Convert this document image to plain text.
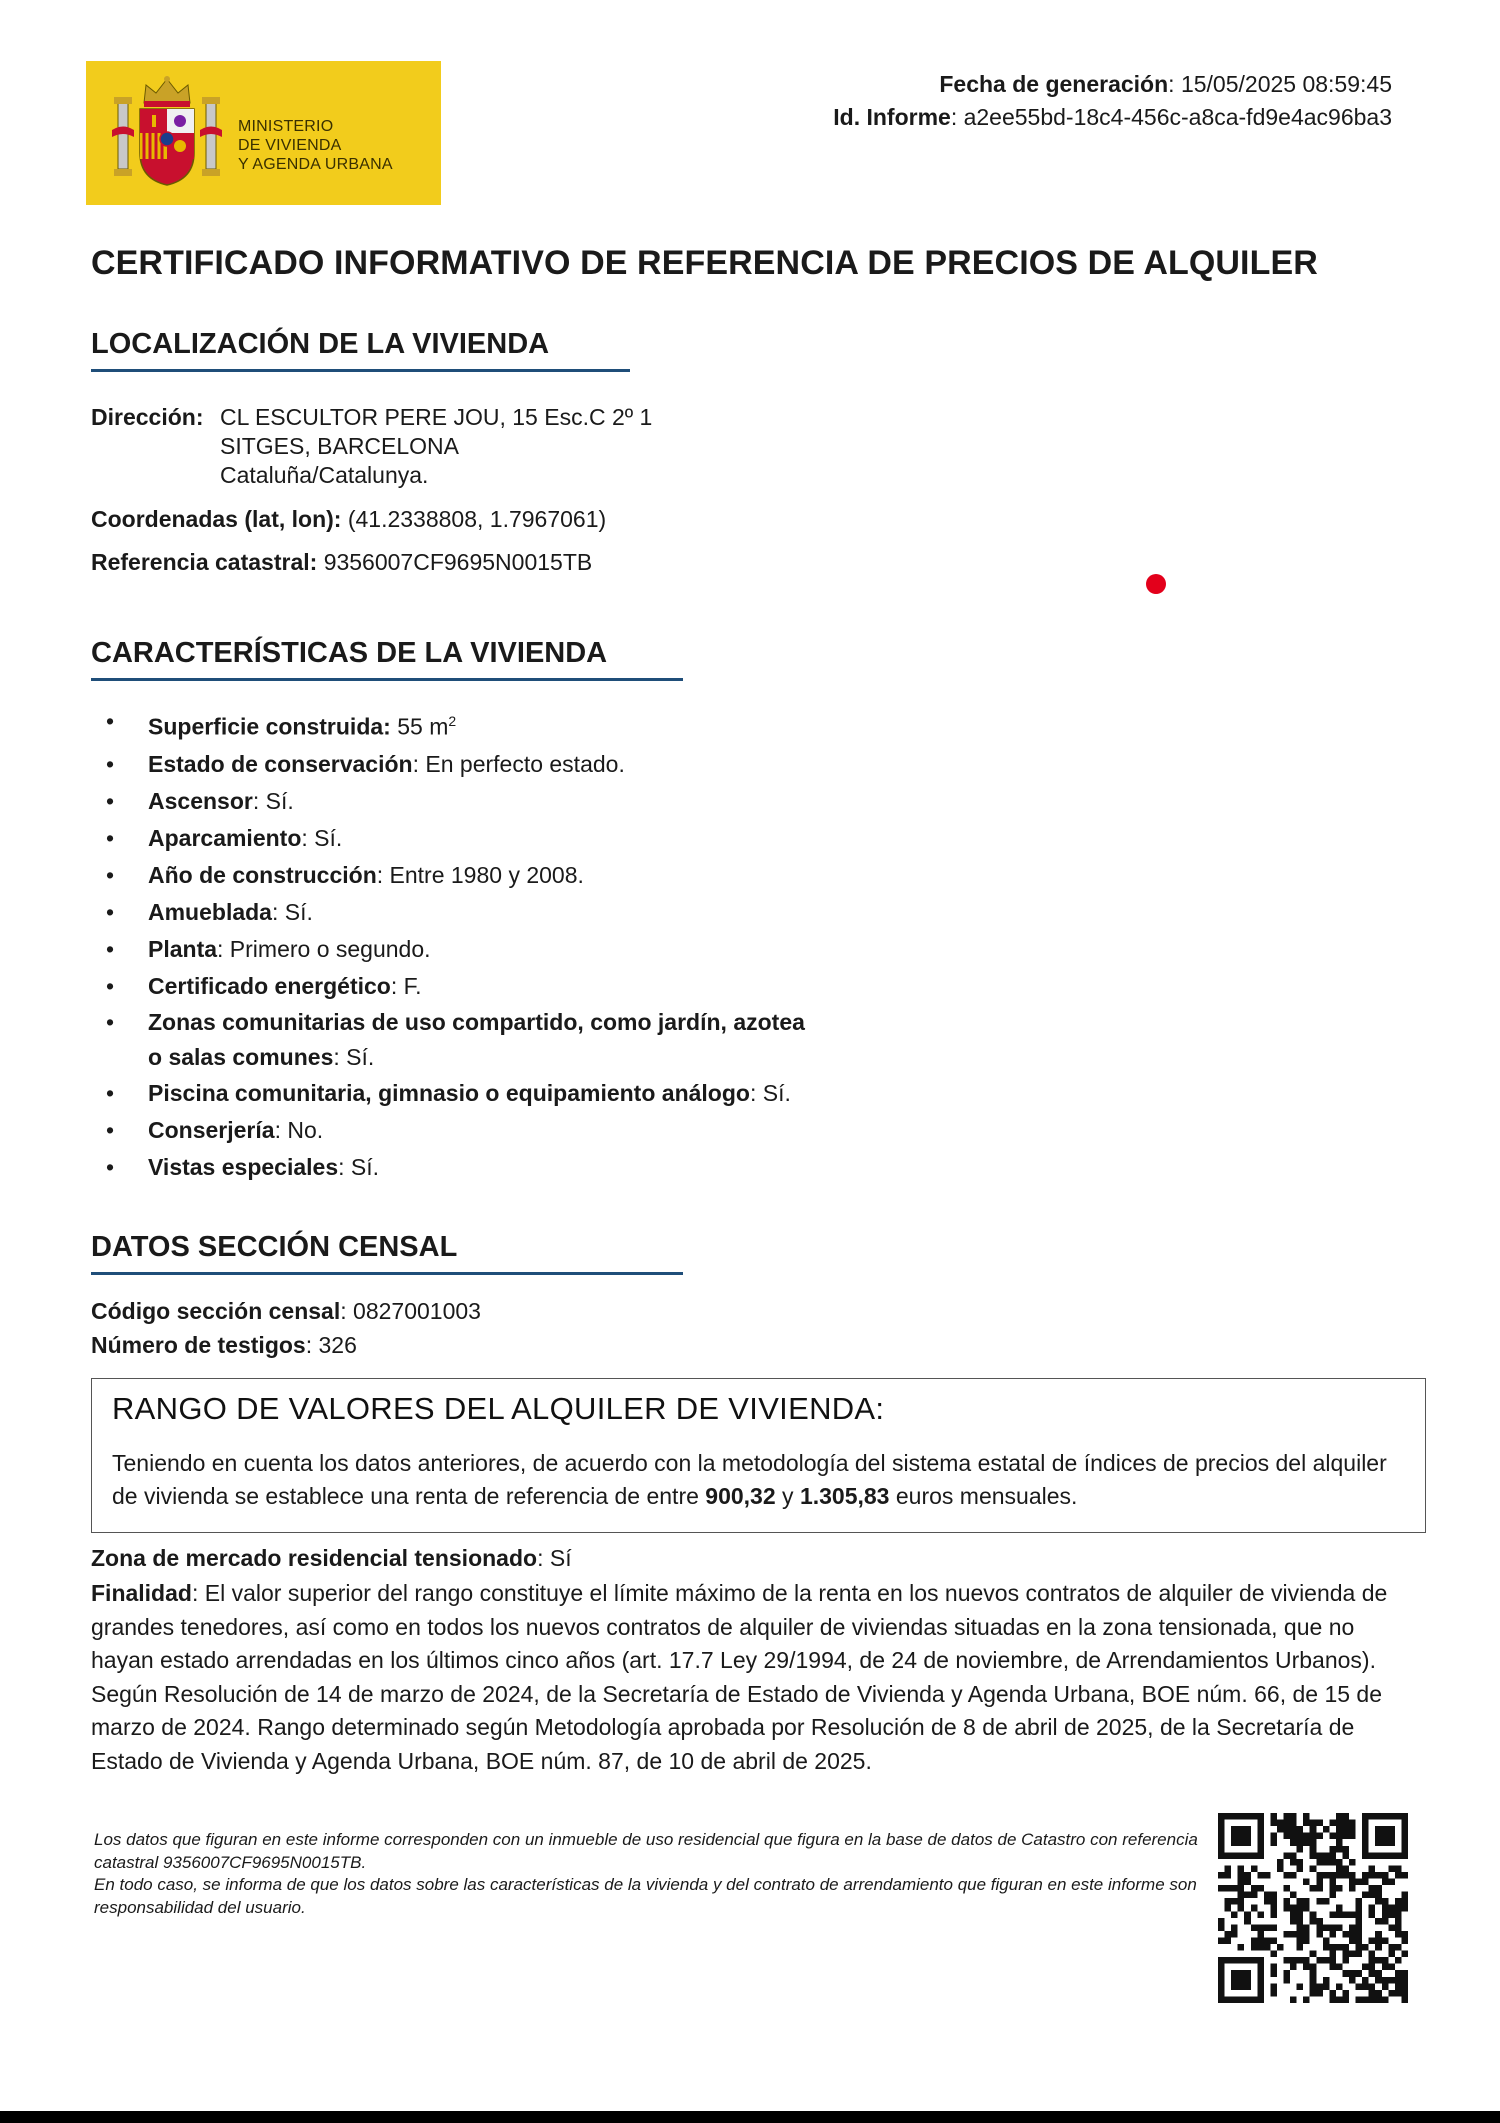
MINISTERIO
DE VIVIENDA
Y AGENDA URBANA
Fecha de generación: 15/05/2025 08:59:45
Id. Informe: a2ee55bd-18c4-456c-a8ca-fd9e4ac96ba3
CERTIFICADO INFORMATIVO DE REFERENCIA DE PRECIOS DE ALQUILER
LOCALIZACIÓN DE LA VIVIENDA
Dirección: CL ESCULTOR PERE JOU, 15 Esc.C 2º 1
SITGES, BARCELONA
Cataluña/Catalunya.
Coordenadas (lat, lon): (41.2338808, 1.7967061)
Referencia catastral: 9356007CF9695N0015TB
CARACTERÍSTICAS DE LA VIVIENDA
• Superficie construida: 55 $m^2$
• Estado de conservación: En perfecto estado.
• Ascensor: Sí.
• Aparcamiento: Sí.
• Año de construcción: Entre 1980 y 2008.
• Amueblada: Sí.
• Planta: Primero o segundo.
• Certificado energético: F.
• Zonas comunitarias de uso compartido, como jardín, azotea
o salas comunes: Sí.
• Piscina comunitaria, gimnasio o equipamiento análogo: Sí.
• Conserjería: No.
• Vistas especiales: Sí.
DATOS SECCIÓN CENSAL
Código sección censal: 0827001003
Número de testigos: 326
RANGO DE VALORES DEL ALQUILER DE VIVIENDA:

Teniendo en cuenta los datos anteriores, de acuerdo con la metodología del sistema estatal de índices de precios del alquiler de vivienda se establece una renta de referencia de entre 900,32 y 1.305,83 euros mensuales.

Zona de mercado residencial tensionado: Sí
Finalidad: El valor superior del rango constituye el límite máximo de la renta en los nuevos contratos de alquiler de vivienda de grandes tenedores, así como en todos los nuevos contratos de alquiler de viviendas situadas en la zona tensionada, que no hayan estado arrendadas en los últimos cinco años (art. 17.7 Ley 29/1994, de 24 de noviembre, de Arrendamientos Urbanos). Según Resolución de 14 de marzo de 2024, de la Secretaría de Estado de Vivienda y Agenda Urbana, BOE núm. 66, de 15 de marzo de 2024. Rango determinado según Metodología aprobada por Resolución de 8 de abril de 2025, de la Secretaría de Estado de Vivienda y Agenda Urbana, BOE núm. 87, de 10 de abril de 2025.

Los datos que figuran en este informe corresponden con un inmueble de uso residencial que figura en la base de datos de Catastro con referencia catastral 9356007CF9695N0015TB.

En todo caso, se informa de que los datos sobre las características de la vivienda y del contrato de arrendamiento que figuran en este informe son responsabilidad del usuario.
